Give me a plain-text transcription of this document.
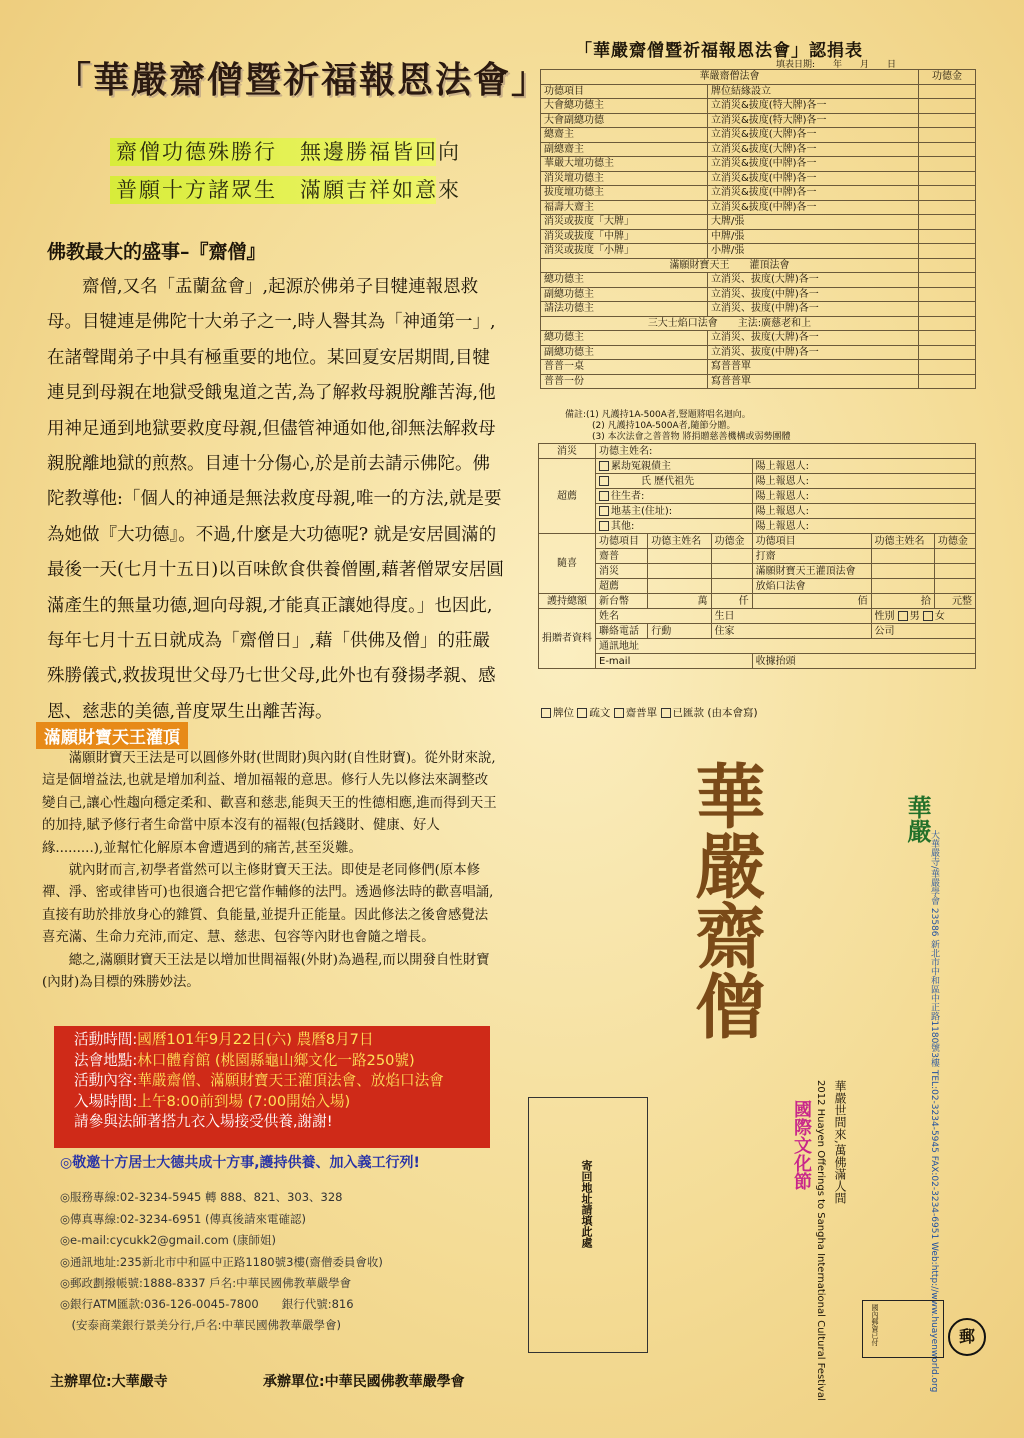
「華嚴齋僧暨祈福報恩法會」
齋僧功德殊勝行　無邊勝福皆回向
普願十方諸眾生　滿願吉祥如意來
佛教最大的盛事–『齋僧』

齋僧,又名「盂蘭盆會」,起源於佛弟子目犍連報恩救母。目犍連是佛陀十大弟子之一,時人譽其為「神通第一」,在諸聲聞弟子中具有極重要的地位。某回夏安居期間,目犍連見到母親在地獄受餓鬼道之苦,為了解救母親脫離苦海,他用神足通到地獄要救度母親,但儘管神通如他,卻無法解救母親脫離地獄的煎熬。目連十分傷心,於是前去請示佛陀。佛陀教導他:「個人的神通是無法救度母親,唯一的方法,就是要為她做『大功德』。不過,什麼是大功德呢? 就是安居圓滿的最後一天(七月十五日)以百味飲食供養僧團,藉著僧眾安居圓滿產生的無量功德,迴向母親,才能真正讓她得度。」也因此,每年七月十五日就成為「齋僧日」,藉「供佛及僧」的莊嚴殊勝儀式,救拔現世父母乃七世父母,此外也有發揚孝親、感恩、慈悲的美德,普度眾生出離苦海。

滿願財寶天王灌頂

滿願財寶天王法是可以圓修外財(世間財)與內財(自性財寶)。從外財來說,這是個增益法,也就是增加利益、增加福報的意思。修行人先以修法來調整改變自己,讓心性趨向穩定柔和、歡喜和慈悲,能與天王的性德相應,進而得到天王的加持,賦予修行者生命當中原本沒有的福報(包括錢財、健康、好人緣.........),並幫忙化解原本會遭遇到的痛苦,甚至災難。

就內財而言,初學者當然可以主修財寶天王法。即使是老同修們(原本修禪、淨、密或律皆可)也很適合把它當作輔修的法門。透過修法時的歡喜唱誦,直接有助於排放身心的雜質、負能量,並提升正能量。因此修法之後會感覺法喜充滿、生命力充沛,而定、慧、慈悲、包容等內財也會隨之增長。

總之,滿願財寶天王法是以增加世間福報(外財)為過程,而以開發自性財寶(內財)為目標的殊勝妙法。

活動時間:國曆101年9月22日(六) 農曆8月7日
法會地點:林口體育館 (桃園縣龜山鄉文化一路250號)
活動內容:華嚴齋僧、滿願財寶天王灌頂法會、放焰口法會
入場時間:上午8:00前到場 (7:00開始入場)
請參與法師著搭九衣入場接受供養,謝謝!
◎敬邀十方居士大德共成十方事,護持供養、加入義工行列!
◎服務專線:02-3234-5945 轉 888、821、303、328
◎傳真專線:02-3234-6951 (傳真後請來電確認)
◎e-mail:cycukk2@gmail.com (康師姐)
◎通訊地址:235新北市中和區中正路1180號3樓(齋僧委員會收)
◎郵政劃撥帳號:1888-8337 戶名:中華民國佛教華嚴學會
◎銀行ATM匯款:036-126-0045-7800　　銀行代號:816
　(安泰商業銀行景美分行,戶名:中華民國佛教華嚴學會)
主辦單位:大華嚴寺	承辦單位:中華民國佛教華嚴學會
「華嚴齋僧暨祈福報恩法會」認捐表
填表日期:　　年　　月　　日
華嚴齋僧法會		功德金
功德項目	牌位結緣設立	
大會總功德主	立消災&拔度(特大牌)各一	
大會副總功德	立消災&拔度(特大牌)各一	
總齋主	立消災&拔度(大牌)各一	
副總齋主	立消災&拔度(大牌)各一	
華嚴大壇功德主	立消災&拔度(中牌)各一	
消災壇功德主	立消災&拔度(中牌)各一	
拔度壇功德主	立消災&拔度(中牌)各一	
福壽大齋主	立消災&拔度(中牌)各一	
消災或拔度「大牌」	大牌/張	
消災或拔度「中牌」	中牌/張	
消災或拔度「小牌」	小牌/張	
滿願財寶天王　　灌頂法會		
總功德主	立消災、拔度(大牌)各一	
副總功德主	立消災、拔度(中牌)各一	
請法功德主	立消災、拔度(中牌)各一	
三大士焰口法會　　主法:廣慈老和上		
總功德主	立消災、拔度(大牌)各一	
副總功德主	立消災、拔度(中牌)各一	
普普一桌	寫普普單	
普普一份	寫普普單	
備註:(1) 凡護持1A-500A者,豎題將唱名迴向。
　　　(2) 凡護持10A-500A者,隨節分贈。
　　　(3) 本次法會之普普物 將捐贈慈善機構或弱勢團體
消災	功德主姓名:					
超薦	累劫冤親債主			陽上報恩人:		
	　　　氏 歷代祖先			陽上報恩人:		
	往生者:			陽上報恩人:		
	地基主(住址):			陽上報恩人:		
	其他:			陽上報恩人:		
隨喜	功德項目	功德主姓名	功德金	功德項目	功德主姓名	功德金
	齋普			打齋		
	消災			滿願財寶天王灌頂法會		
	超薦			放焰口法會		
護持總額	新台幣	萬	仟	佰	拾	元整
捐贈者資料	姓名		生日		性別 男 女	
	聯絡電話	行動	住家		公司	
	通訊地址					
	E-mail			收據抬頭		
牌位 疏文 齋普單 已匯款 (由本會寫)
寄回地址請填此處
華嚴齋僧
華嚴世間來,萬佛滿人間
2012 Huayen Offerings to Sangha International Cultural Festival
國際文化節
華嚴
大華嚴寺/華嚴學會 23586 新北市中和區中正路1180號3樓 TEL:02-3234-5945 FAX:02-3234-6951 Web:http://www.huayenworld.org
國內郵資已付	郵
